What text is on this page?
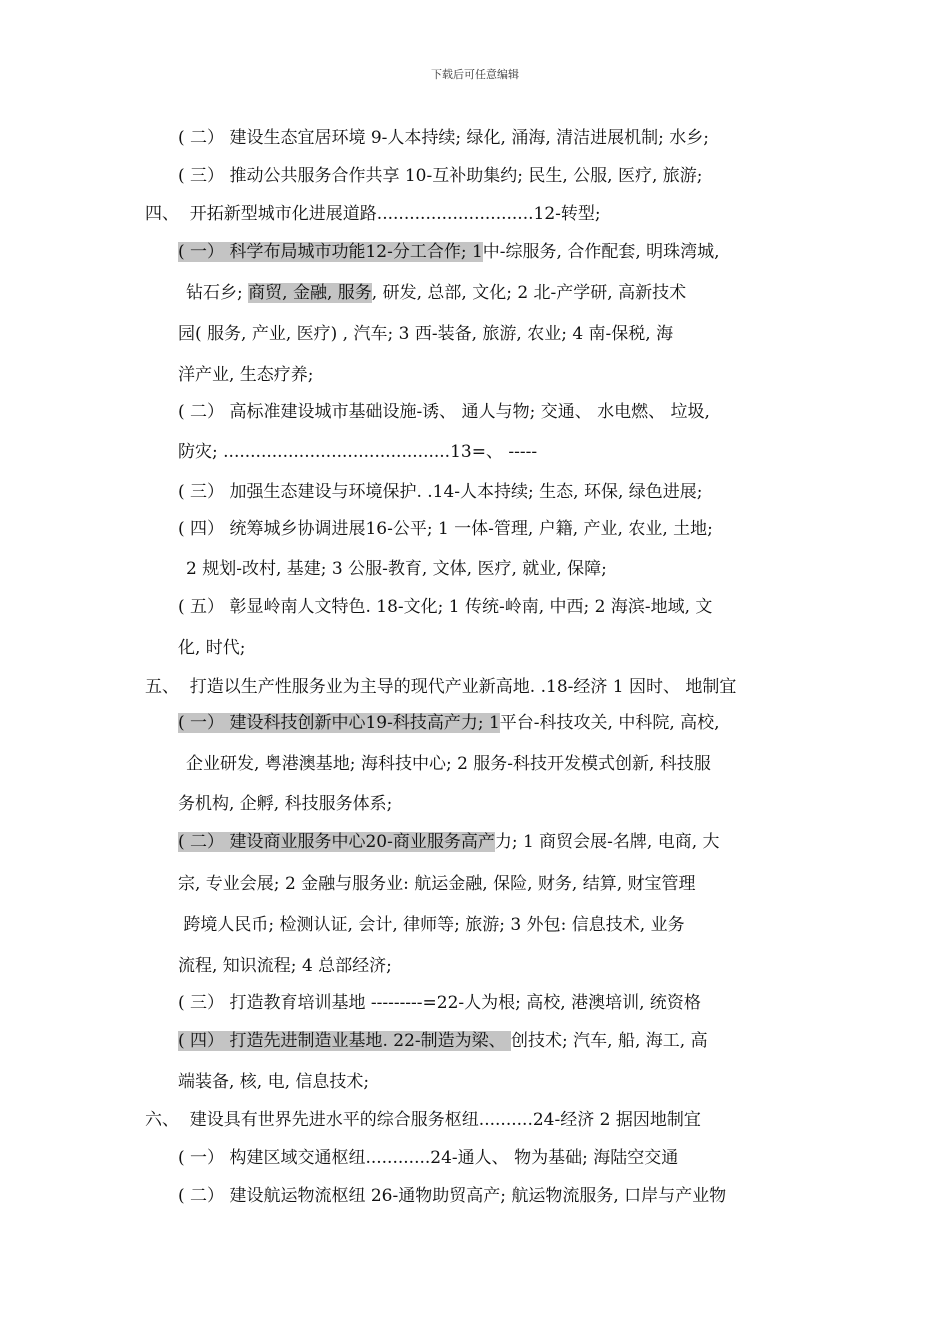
下载后可任意编辑
( 二） 建设生态宜居环境 9-人本持续; 绿化, 涌海, 清洁进展机制; 水乡;
( 三） 推动公共服务合作共享 10-互补助集约; 民生, 公服, 医疗, 旅游;
四、  开拓新型城市化进展道路.............................12-转型;
( 一） 科学布局城市功能12-分工合作; 1中-综服务, 合作配套, 明珠湾城,
钻石乡; 商贸, 金融, 服务, 研发, 总部, 文化; 2 北-产学研, 高新技术
园( 服务, 产业, 医疗) , 汽车; 3 西-装备, 旅游, 农业; 4 南-保税, 海
洋产业, 生态疗养;
( 二） 高标准建设城市基础设施-诱、 通人与物; 交通、 水电燃、 垃圾,
防灾; ..........................................13=、 -----
( 三） 加强生态建设与环境保护. .14-人本持续; 生态, 环保, 绿色进展;
( 四） 统筹城乡协调进展16-公平; 1 一体-管理, 户籍, 产业, 农业, 土地;
2 规划-改村, 基建; 3 公服-教育, 文体, 医疗, 就业, 保障;
( 五） 彰显岭南人文特色. 18-文化; 1 传统-岭南, 中西; 2 海滨-地域, 文
化, 时代;
五、  打造以生产性服务业为主导的现代产业新高地. .18-经济 1 因时、 地制宜
( 一） 建设科技创新中心19-科技高产力; 1平台-科技攻关, 中科院, 高校,
企业研发, 粤港澳基地; 海科技中心; 2 服务-科技开发模式创新, 科技服
务机构, 企孵, 科技服务体系;
( 二） 建设商业服务中心20-商业服务高产力; 1 商贸会展-名牌, 电商, 大
宗, 专业会展; 2 金融与服务业: 航运金融, 保险, 财务, 结算, 财宝管理
跨境人民币; 检测认证, 会计, 律师等; 旅游; 3 外包: 信息技术, 业务
流程, 知识流程; 4 总部经济;
( 三） 打造教育培训基地 ---------=22-人为根; 高校, 港澳培训, 统资格
( 四） 打造先进制造业基地. 22-制造为梁、 创技术; 汽车, 船, 海工, 高
端装备, 核, 电, 信息技术;
六、  建设具有世界先进水平的综合服务枢纽..........24-经济 2 据因地制宜
( 一） 构建区域交通枢纽............24-通人、 物为基础; 海陆空交通
( 二） 建设航运物流枢纽 26-通物助贸高产; 航运物流服务, 口岸与产业物
